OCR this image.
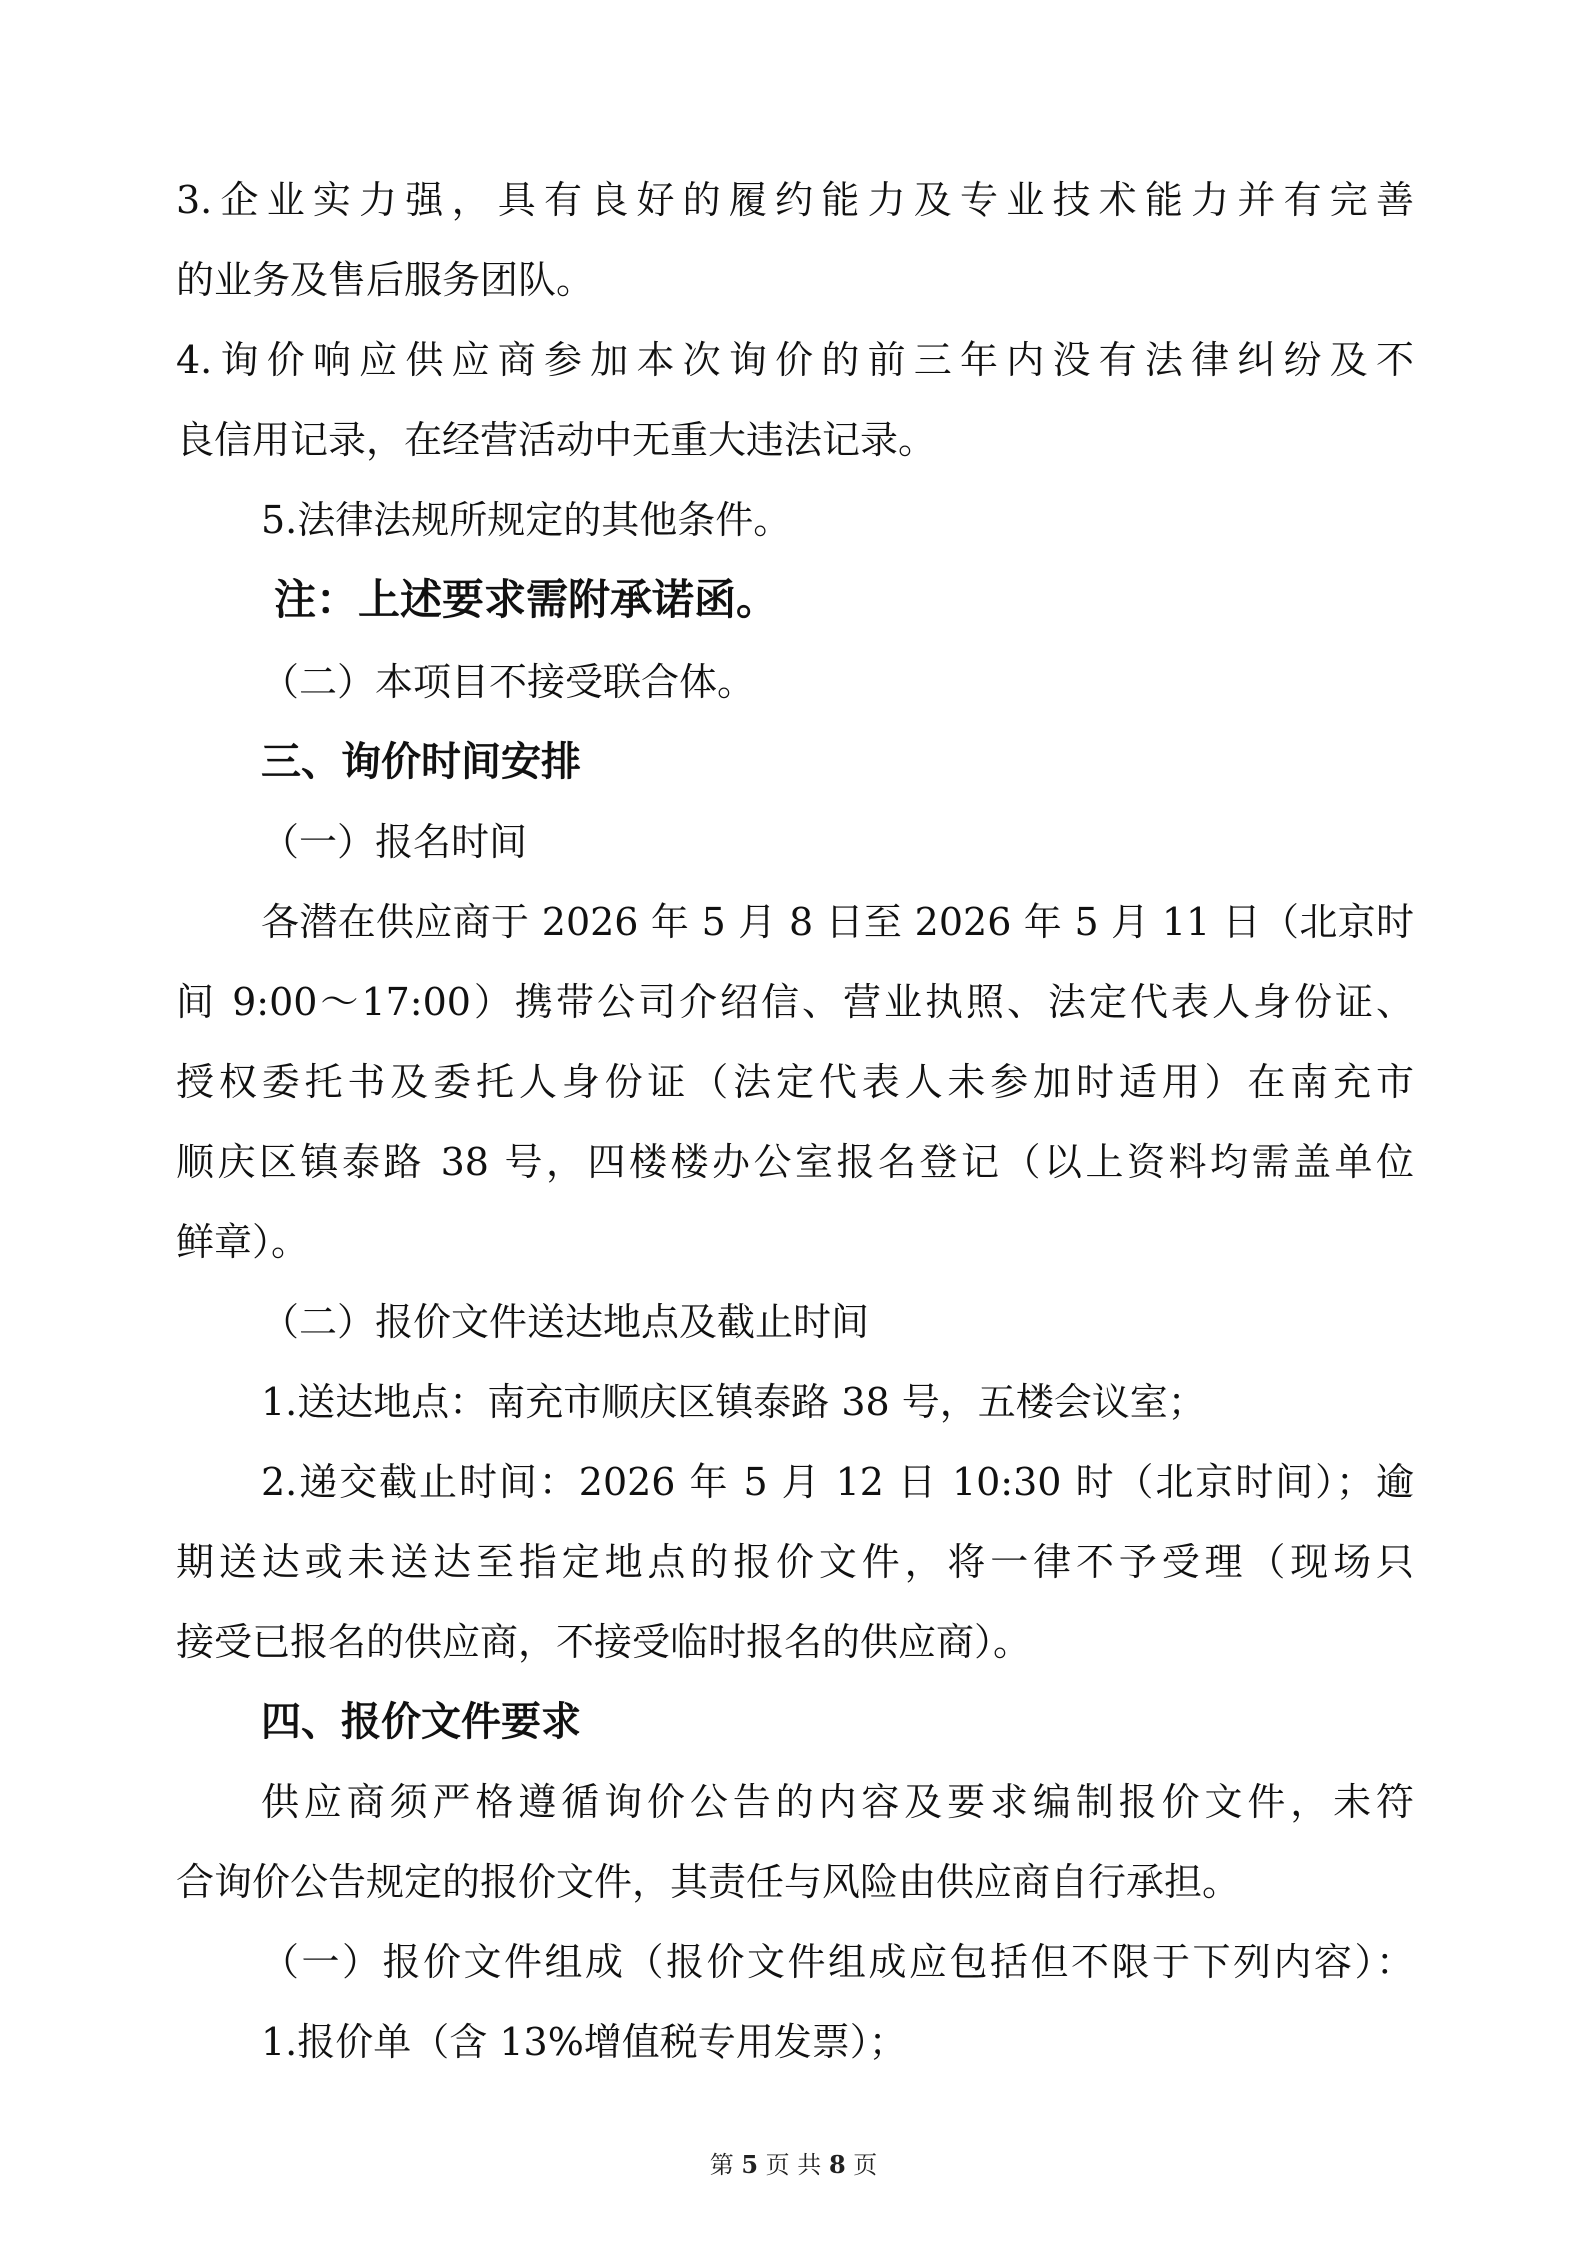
3.企业实力强，具有良好的履约能力及专业技术能力并有完善
的业务及售后服务团队。
4.询价响应供应商参加本次询价的前三年内没有法律纠纷及不
良信用记录，在经营活动中无重大违法记录。
5.法律法规所规定的其他条件。
注：上述要求需附承诺函。
（二）本项目不接受联合体。
三、询价时间安排
（一）报名时间
各潜在供应商于 2026 年 5 月 8 日至 2026 年 5 月 11 日（北京时
间 9:00～17:00）携带公司介绍信、营业执照、法定代表人身份证、
授权委托书及委托人身份证（法定代表人未参加时适用）在南充市
顺庆区镇泰路 38 号，四楼楼办公室报名登记（以上资料均需盖单位
鲜章）。
（二）报价文件送达地点及截止时间
1.送达地点：南充市顺庆区镇泰路 38 号，五楼会议室；
2.递交截止时间：2026 年 5 月 12 日 10:30 时（北京时间）；逾
期送达或未送达至指定地点的报价文件，将一律不予受理（现场只
接受已报名的供应商，不接受临时报名的供应商）。
四、报价文件要求
供应商须严格遵循询价公告的内容及要求编制报价文件，未符
合询价公告规定的报价文件，其责任与风险由供应商自行承担。
（一）报价文件组成（报价文件组成应包括但不限于下列内容）：
1.报价单（含 13%增值税专用发票）；
第 5 页 共 8 页
